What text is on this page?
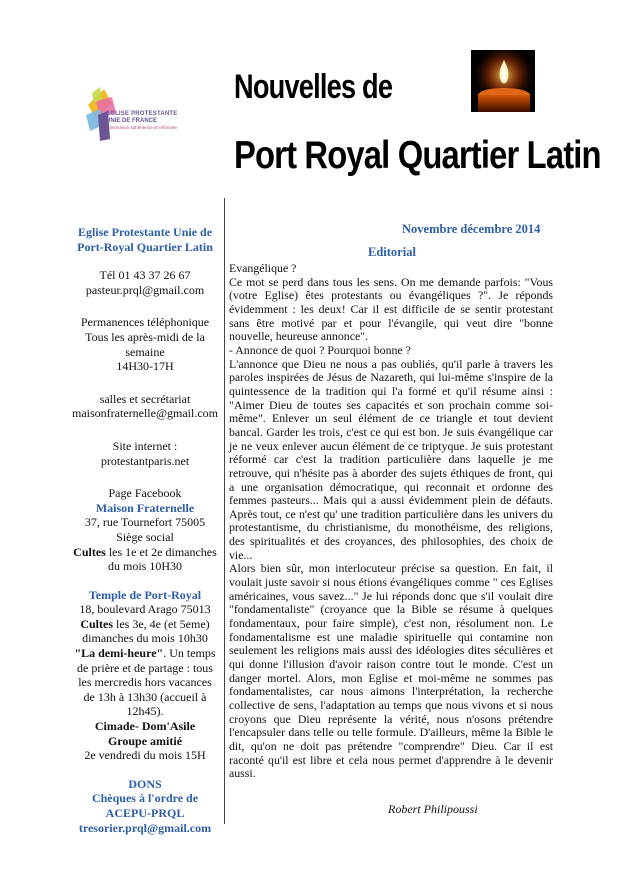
EGLISE PROTESTANTE
UNIE DE FRANCE
communion luthérienne et réformée
Nouvelles de
Port Royal Quartier Latin

Eglise Protestante Unie de

Port-Royal Quartier Latin

Tél 01 43 37 26 67

pasteur.prql@gmail.com

Permanences téléphonique

Tous les après-midi de la

semaine

14H30-17H

salles et secrétariat

maisonfraternelle@gmail.com

Site internet :

protestantparis.net

Page Facebook

Maison Fraternelle

37, rue Tournefort 75005

Siège social

Cultes les 1e et 2e dimanches

du mois 10H30

Temple de Port-Royal

18, boulevard Arago 75013

Cultes les 3e, 4e (et 5eme)

dimanches du mois 10h30

"La demi-heure". Un temps

de prière et de partage : tous

les mercredis hors vacances

de 13h à 13h30 (accueil à

12h45).

Cimade- Dom'Asile

Groupe amitié

2e vendredi du mois 15H

DONS

Chèques à l'ordre de

ACEPU-PRQL

tresorier.prql@gmail.com

Novembre décembre 2014
Editorial

Evangélique ?

Ce mot se perd dans tous les sens. On me demande parfois: "Vous (votre Eglise) êtes protestants ou évangéliques ?". Je réponds évidemment : les deux! Car il est difficile de se sentir protestant sans être motivé par et pour l'évangile, qui veut dire "bonne nouvelle, heureuse annonce".

- Annonce de quoi ? Pourquoi bonne ?

L'annonce que Dieu ne nous a pas oubliés, qu'il parle à travers les paroles inspirées de Jésus de Nazareth, qui lui-même s'inspire de la quintessence de la tradition qui l'a formé et qu'il résume ainsi : "Aimer Dieu de toutes ses capacités et son prochain comme soi-même". Enlever un seul élément de ce triangle et tout devient bancal. Garder les trois, c'est ce qui est bon. Je suis évangélique car je ne veux enlever aucun élément de ce triptyque. Je suis protestant réformé car c'est la tradition particulière dans laquelle je me retrouve, qui n'hésite pas à aborder des sujets éthiques de front, qui a une organisation démocratique, qui reconnait et ordonne des femmes pasteurs... Mais qui a aussi évidemment plein de défauts. Après tout, ce n'est qu' une tradition particulière dans les univers du protestantisme, du christianisme, du monothéisme, des religions, des spiritualités et des croyances, des philosophies, des choix de vie...

Alors bien sûr, mon interlocuteur précise sa question. En fait, il voulait juste savoir si nous étions évangéliques comme " ces Eglises américaines, vous savez..." Je lui réponds donc que s'il voulait dire "fondamentaliste" (croyance que la Bible se résume à quelques fondamentaux, pour faire simple), c'est non, résolument non. Le fondamentalisme est une maladie spirituelle qui contamine non seulement les religions mais aussi des idéologies dites séculières et qui donne l'illusion d'avoir raison contre tout le monde. C'est un danger mortel. Alors, mon Eglise et moi-même ne sommes pas fondamentalistes, car nous aimons l'interprétation, la recherche collective de sens, l'adaptation au temps que nous vivons et si nous croyons que Dieu représente la vérité, nous n'osons prétendre l'encapsuler dans telle ou telle formule. D'ailleurs, même la Bible le dit, qu'on ne doit pas prétendre "comprendre" Dieu. Car il est raconté qu'il est libre et cela nous permet d'apprendre à le devenir aussi.

Robert Philipoussi
